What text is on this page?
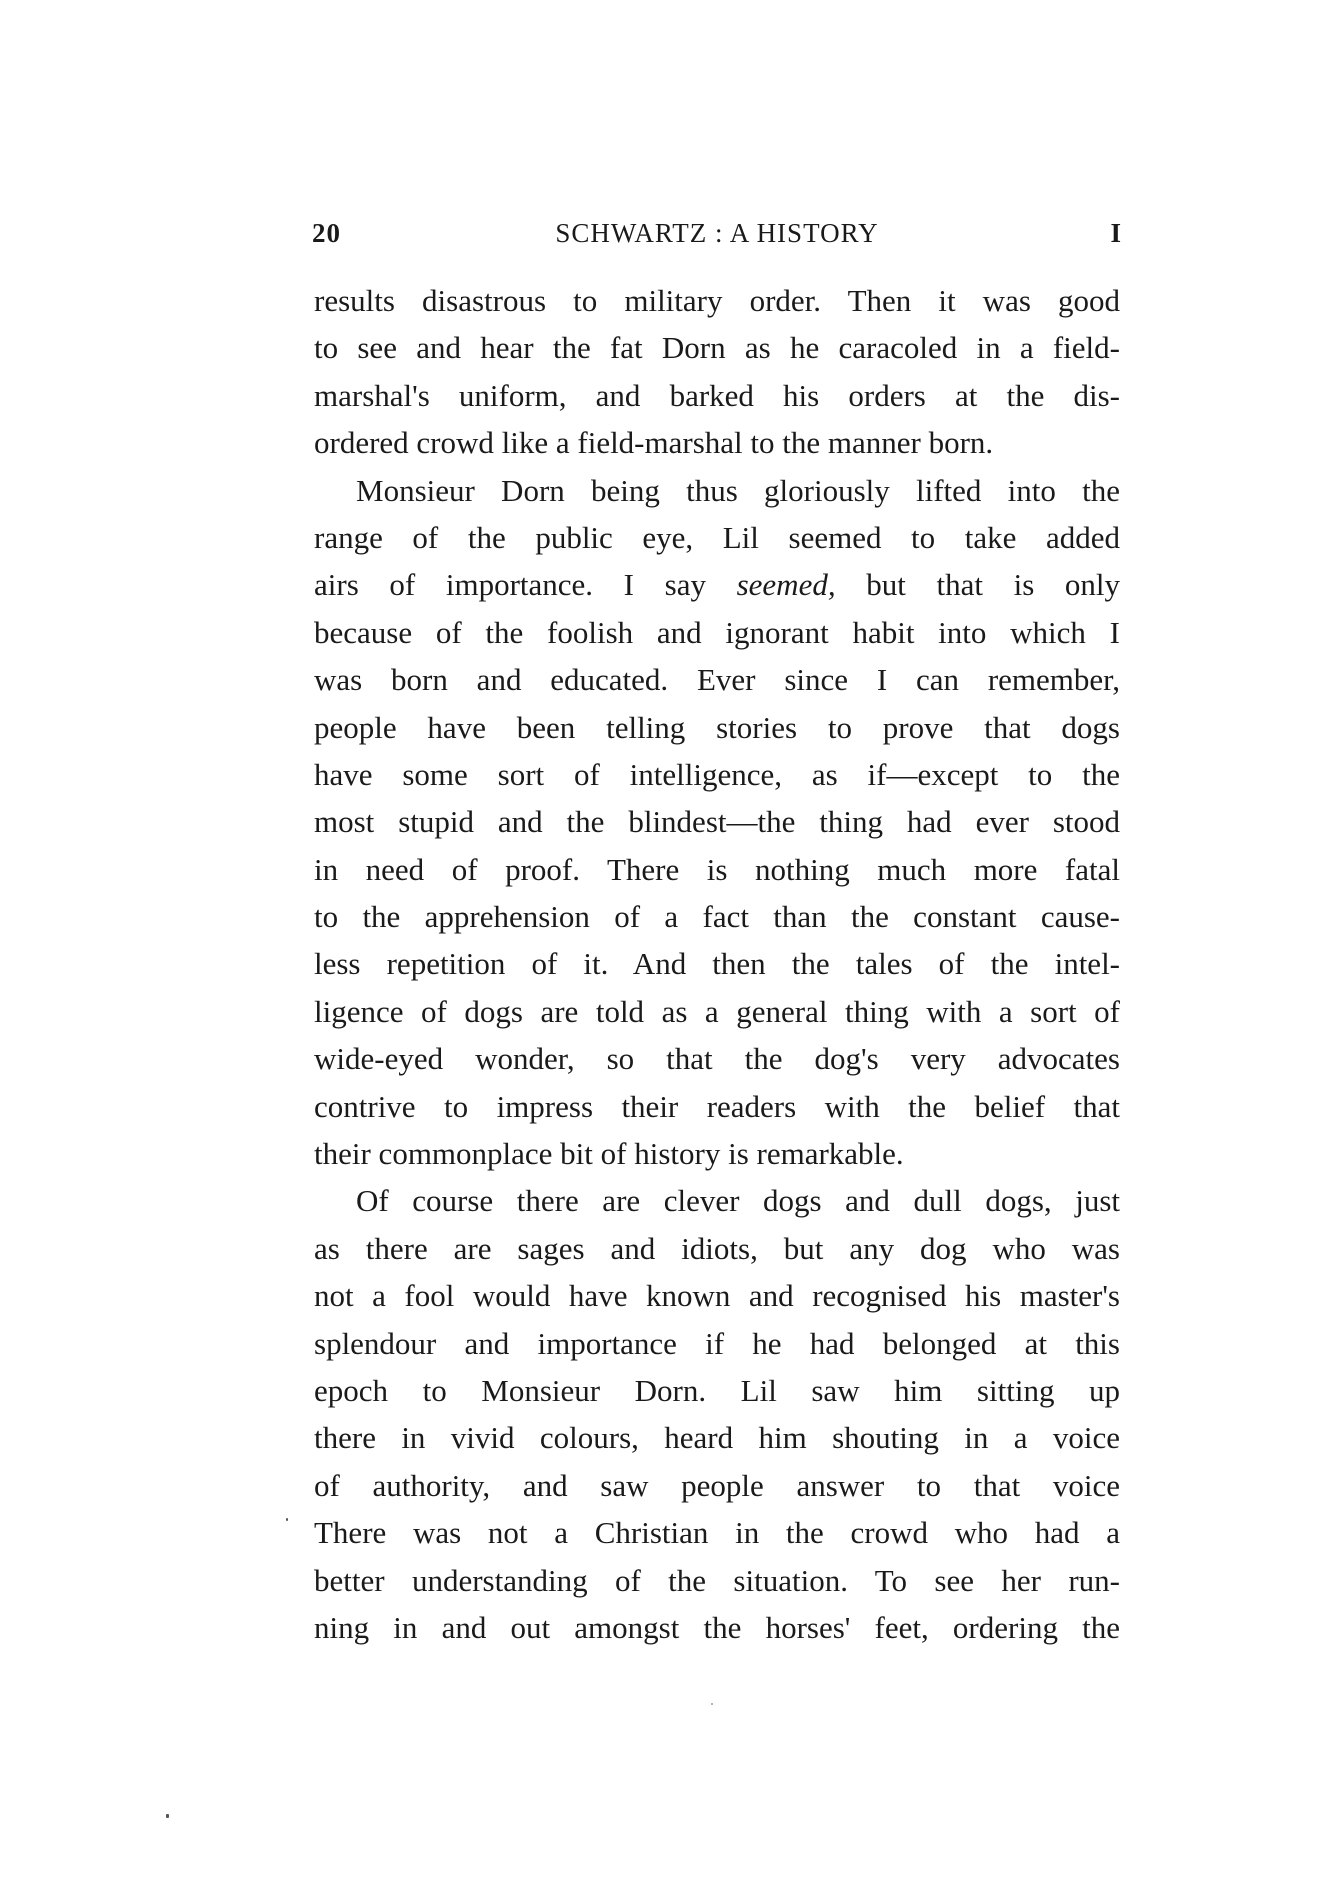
20	SCHWARTZ : A HISTORY	I
results disastrous to military order. Then it was good
to see and hear the fat Dorn as he caracoled in a field-
marshal's uniform, and barked his orders at the dis-
ordered crowd like a field-marshal to the manner born.
Monsieur Dorn being thus gloriously lifted into the
range of the public eye, Lil seemed to take added
airs of importance. I say seemed, but that is only
because of the foolish and ignorant habit into which I
was born and educated. Ever since I can remember,
people have been telling stories to prove that dogs
have some sort of intelligence, as if—except to the
most stupid and the blindest—the thing had ever stood
in need of proof. There is nothing much more fatal
to the apprehension of a fact than the constant cause-
less repetition of it. And then the tales of the intel-
ligence of dogs are told as a general thing with a sort of
wide-eyed wonder, so that the dog's very advocates
contrive to impress their readers with the belief that
their commonplace bit of history is remarkable.
Of course there are clever dogs and dull dogs, just
as there are sages and idiots, but any dog who was
not a fool would have known and recognised his master's
splendour and importance if he had belonged at this
epoch to Monsieur Dorn. Lil saw him sitting up
there in vivid colours, heard him shouting in a voice
of authority, and saw people answer to that voice
There was not a Christian in the crowd who had a
better understanding of the situation. To see her run-
ning in and out amongst the horses' feet, ordering the
